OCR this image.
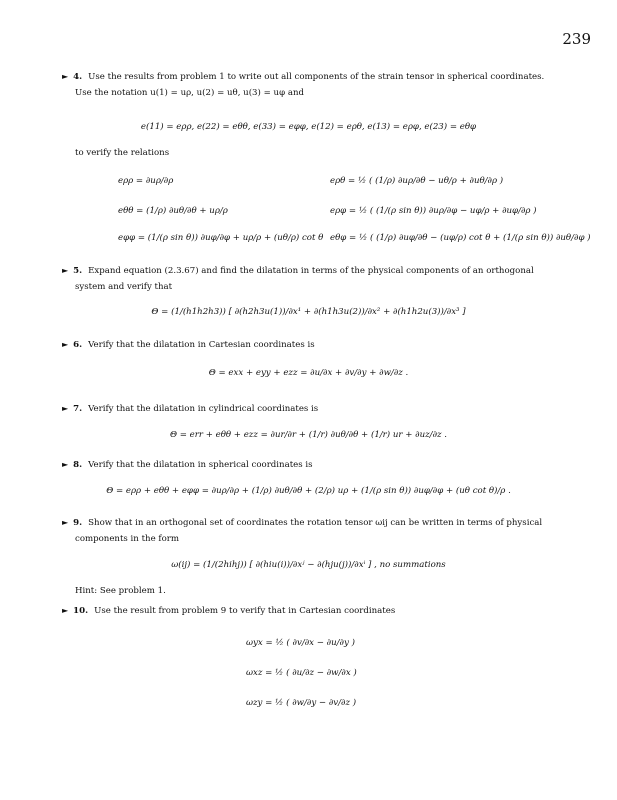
239
► 4. Use the results from problem 1 to write out all components of the strain tensor in spherical coordinates.
Use the notation u(1) = uρ, u(2) = uθ, u(3) = uφ and
e(11) = eρρ, e(22) = eθθ, e(33) = eφφ, e(12) = eρθ, e(13) = eρφ, e(23) = eθφ
to verify the relations
eρρ = ∂uρ/∂ρ
eθθ = (1/ρ) ∂uθ/∂θ + uρ/ρ
eφφ = (1/(ρ sin θ)) ∂uφ/∂φ + uρ/ρ + (uθ/ρ) cot θ
eρθ = ½ ( (1/ρ) ∂uρ/∂θ − uθ/ρ + ∂uθ/∂ρ )
eρφ = ½ ( (1/(ρ sin θ)) ∂uρ/∂φ − uφ/ρ + ∂uφ/∂ρ )
eθφ = ½ ( (1/ρ) ∂uφ/∂θ − (uφ/ρ) cot θ + (1/(ρ sin θ)) ∂uθ/∂φ )
► 5. Expand equation (2.3.67) and find the dilatation in terms of the physical components of an orthogonal
system and verify that
Θ = (1/(h1h2h3)) [ ∂(h2h3u(1))/∂x¹ + ∂(h1h3u(2))/∂x² + ∂(h1h2u(3))/∂x³ ]
► 6. Verify that the dilatation in Cartesian coordinates is
Θ = exx + eyy + ezz = ∂u/∂x + ∂v/∂y + ∂w/∂z .
► 7. Verify that the dilatation in cylindrical coordinates is
Θ = err + eθθ + ezz = ∂ur/∂r + (1/r) ∂uθ/∂θ + (1/r) ur + ∂uz/∂z .
► 8. Verify that the dilatation in spherical coordinates is
Θ = eρρ + eθθ + eφφ = ∂uρ/∂ρ + (1/ρ) ∂uθ/∂θ + (2/ρ) uρ + (1/(ρ sin θ)) ∂uφ/∂φ + (uθ cot θ)/ρ .
► 9. Show that in an orthogonal set of coordinates the rotation tensor ωij can be written in terms of physical
components in the form
ω(ij) = (1/(2hihj)) [ ∂(hiu(i))/∂xʲ − ∂(hju(j))/∂xⁱ ] , no summations
Hint: See problem 1.
► 10. Use the result from problem 9 to verify that in Cartesian coordinates
ωyx = ½ ( ∂v/∂x − ∂u/∂y )
ωxz = ½ ( ∂u/∂z − ∂w/∂x )
ωzy = ½ ( ∂w/∂y − ∂v/∂z )
